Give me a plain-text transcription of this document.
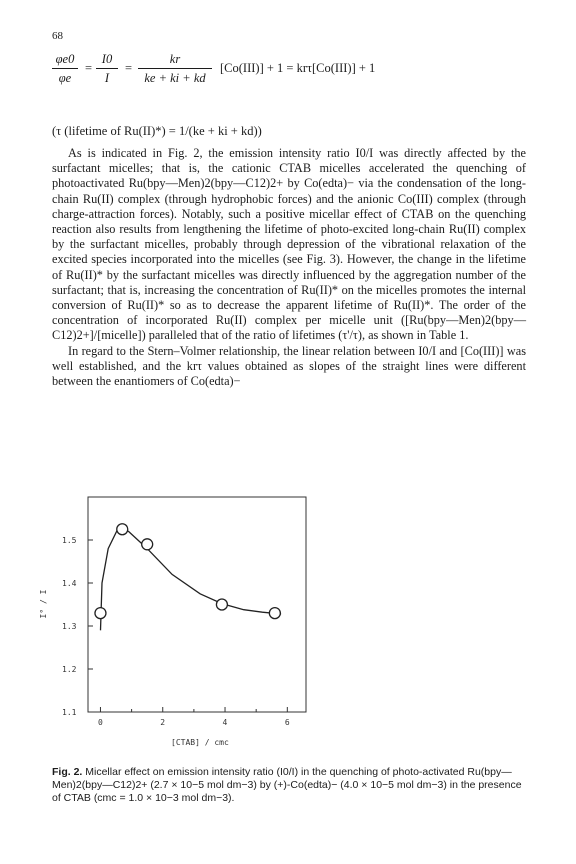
68
φe0
φe
=
I0
I
=
kr
ke + ki + kd
[Co(III)] + 1 = krτ[Co(III)] + 1
(τ (lifetime of Ru(II)*) = 1/(ke + ki + kd))

As is indicated in Fig. 2, the emission intensity ratio I0/I was directly affected by the surfactant micelles; that is, the cationic CTAB micelles accelerated the quenching of photoactivated Ru(bpy—Men)2(bpy—C12)2+ by Co(edta)− via the condensation of the long-chain Ru(II) complex (through hydrophobic forces) and the anionic Co(III) complex (through charge-attraction forces). Notably, such a positive micellar effect of CTAB on the quenching reaction also results from lengthening the lifetime of photo-excited long-chain Ru(II) complex by the surfactant micelles, probably through depression of the vibrational relaxation of the excited species incorporated into the micelles (see Fig. 3). However, the change in the lifetime of Ru(II)* by the surfactant micelles was directly influenced by the aggregation number of the surfactant; that is, increasing the concentration of Ru(II)* on the micelles promotes the internal conversion of Ru(II)* so as to decrease the apparent lifetime of Ru(II)*. The order of the concentration of incorporated Ru(II) complex per micelle unit ([Ru(bpy—Men)2(bpy—C12)2+]/[micelle]) paralleled that of the ratio of lifetimes (τ'/τ), as shown in Table 1.

In regard to the Stern–Volmer relationship, the linear relation between I0/I and [Co(III)] was well established, and the krτ values obtained as slopes of the straight lines were different between the enantiomers of Co(edta)−

1.1
1.2
1.3
1.4
1.5
0	2	4	6
[CTAB] / cmc
I° / I
Fig. 2. Micellar effect on emission intensity ratio (I0/I) in the quenching of photo-activated Ru(bpy—Men)2(bpy—C12)2+ (2.7 × 10−5 mol dm−3) by (+)-Co(edta)− (4.0 × 10−5 mol dm−3) in the presence of CTAB (cmc = 1.0 × 10−3 mol dm−3).
